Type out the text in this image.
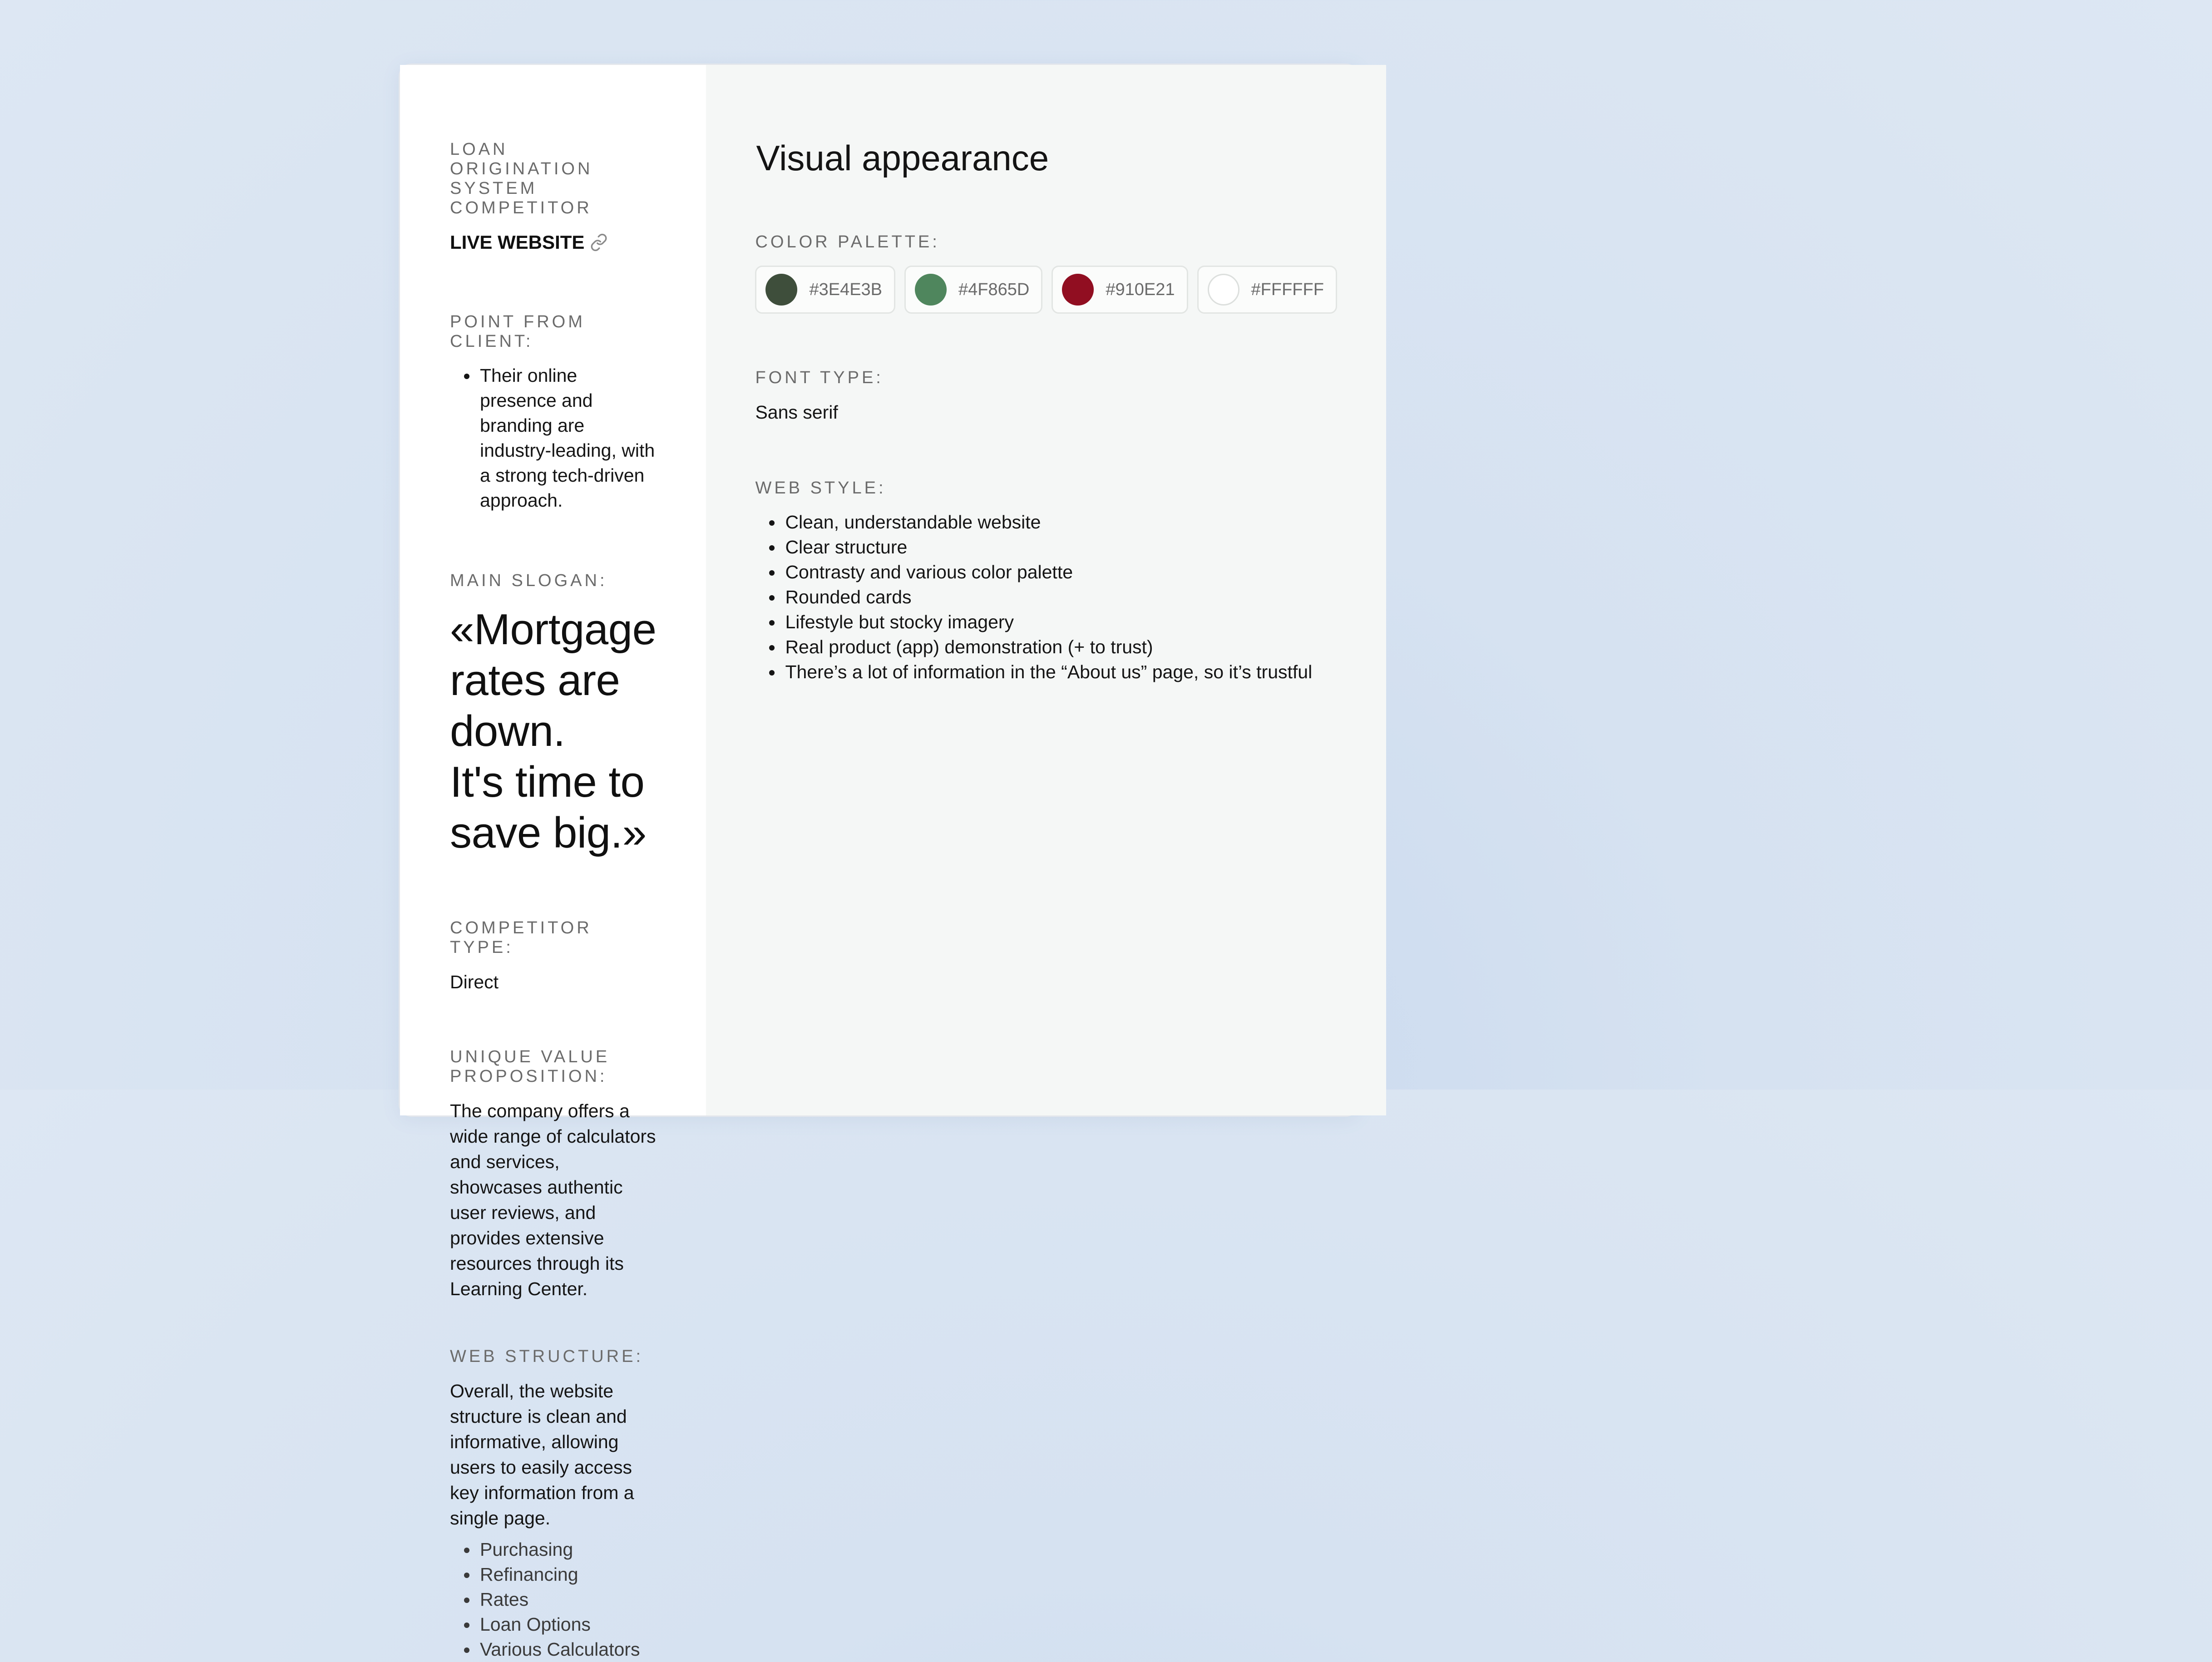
LOAN ORIGINATION SYSTEM COMPETITOR

LIVE WEBSITE

POINT FROM CLIENT:

• Their online presence and branding are industry-leading, with a strong tech-driven approach.

MAIN SLOGAN:

«Mortgage rates are down.
It's time to save big.»

COMPETITOR TYPE:

Direct

UNIQUE VALUE PROPOSITION:

The company offers a wide range of calculators and services, showcases authentic user reviews, and provides extensive resources through its Learning Center.

WEB STRUCTURE:

Overall, the website structure is clean and informative, allowing users to easily access key information from a single page.

• Purchasing
• Refinancing
• Rates
• Loan Options
• Various Calculators
Visual appearance

COLOR PALETTE:

#3E4E3B	#4F865D	#910E21	#FFFFFF

FONT TYPE:

Sans serif

WEB STYLE:

• Clean, understandable website
• Clear structure
• Contrasty and various color palette
• Rounded cards
• Lifestyle but stocky imagery
• Real product (app) demonstration (+ to trust)
• There’s a lot of information in the “About us” page, so it’s trustful
